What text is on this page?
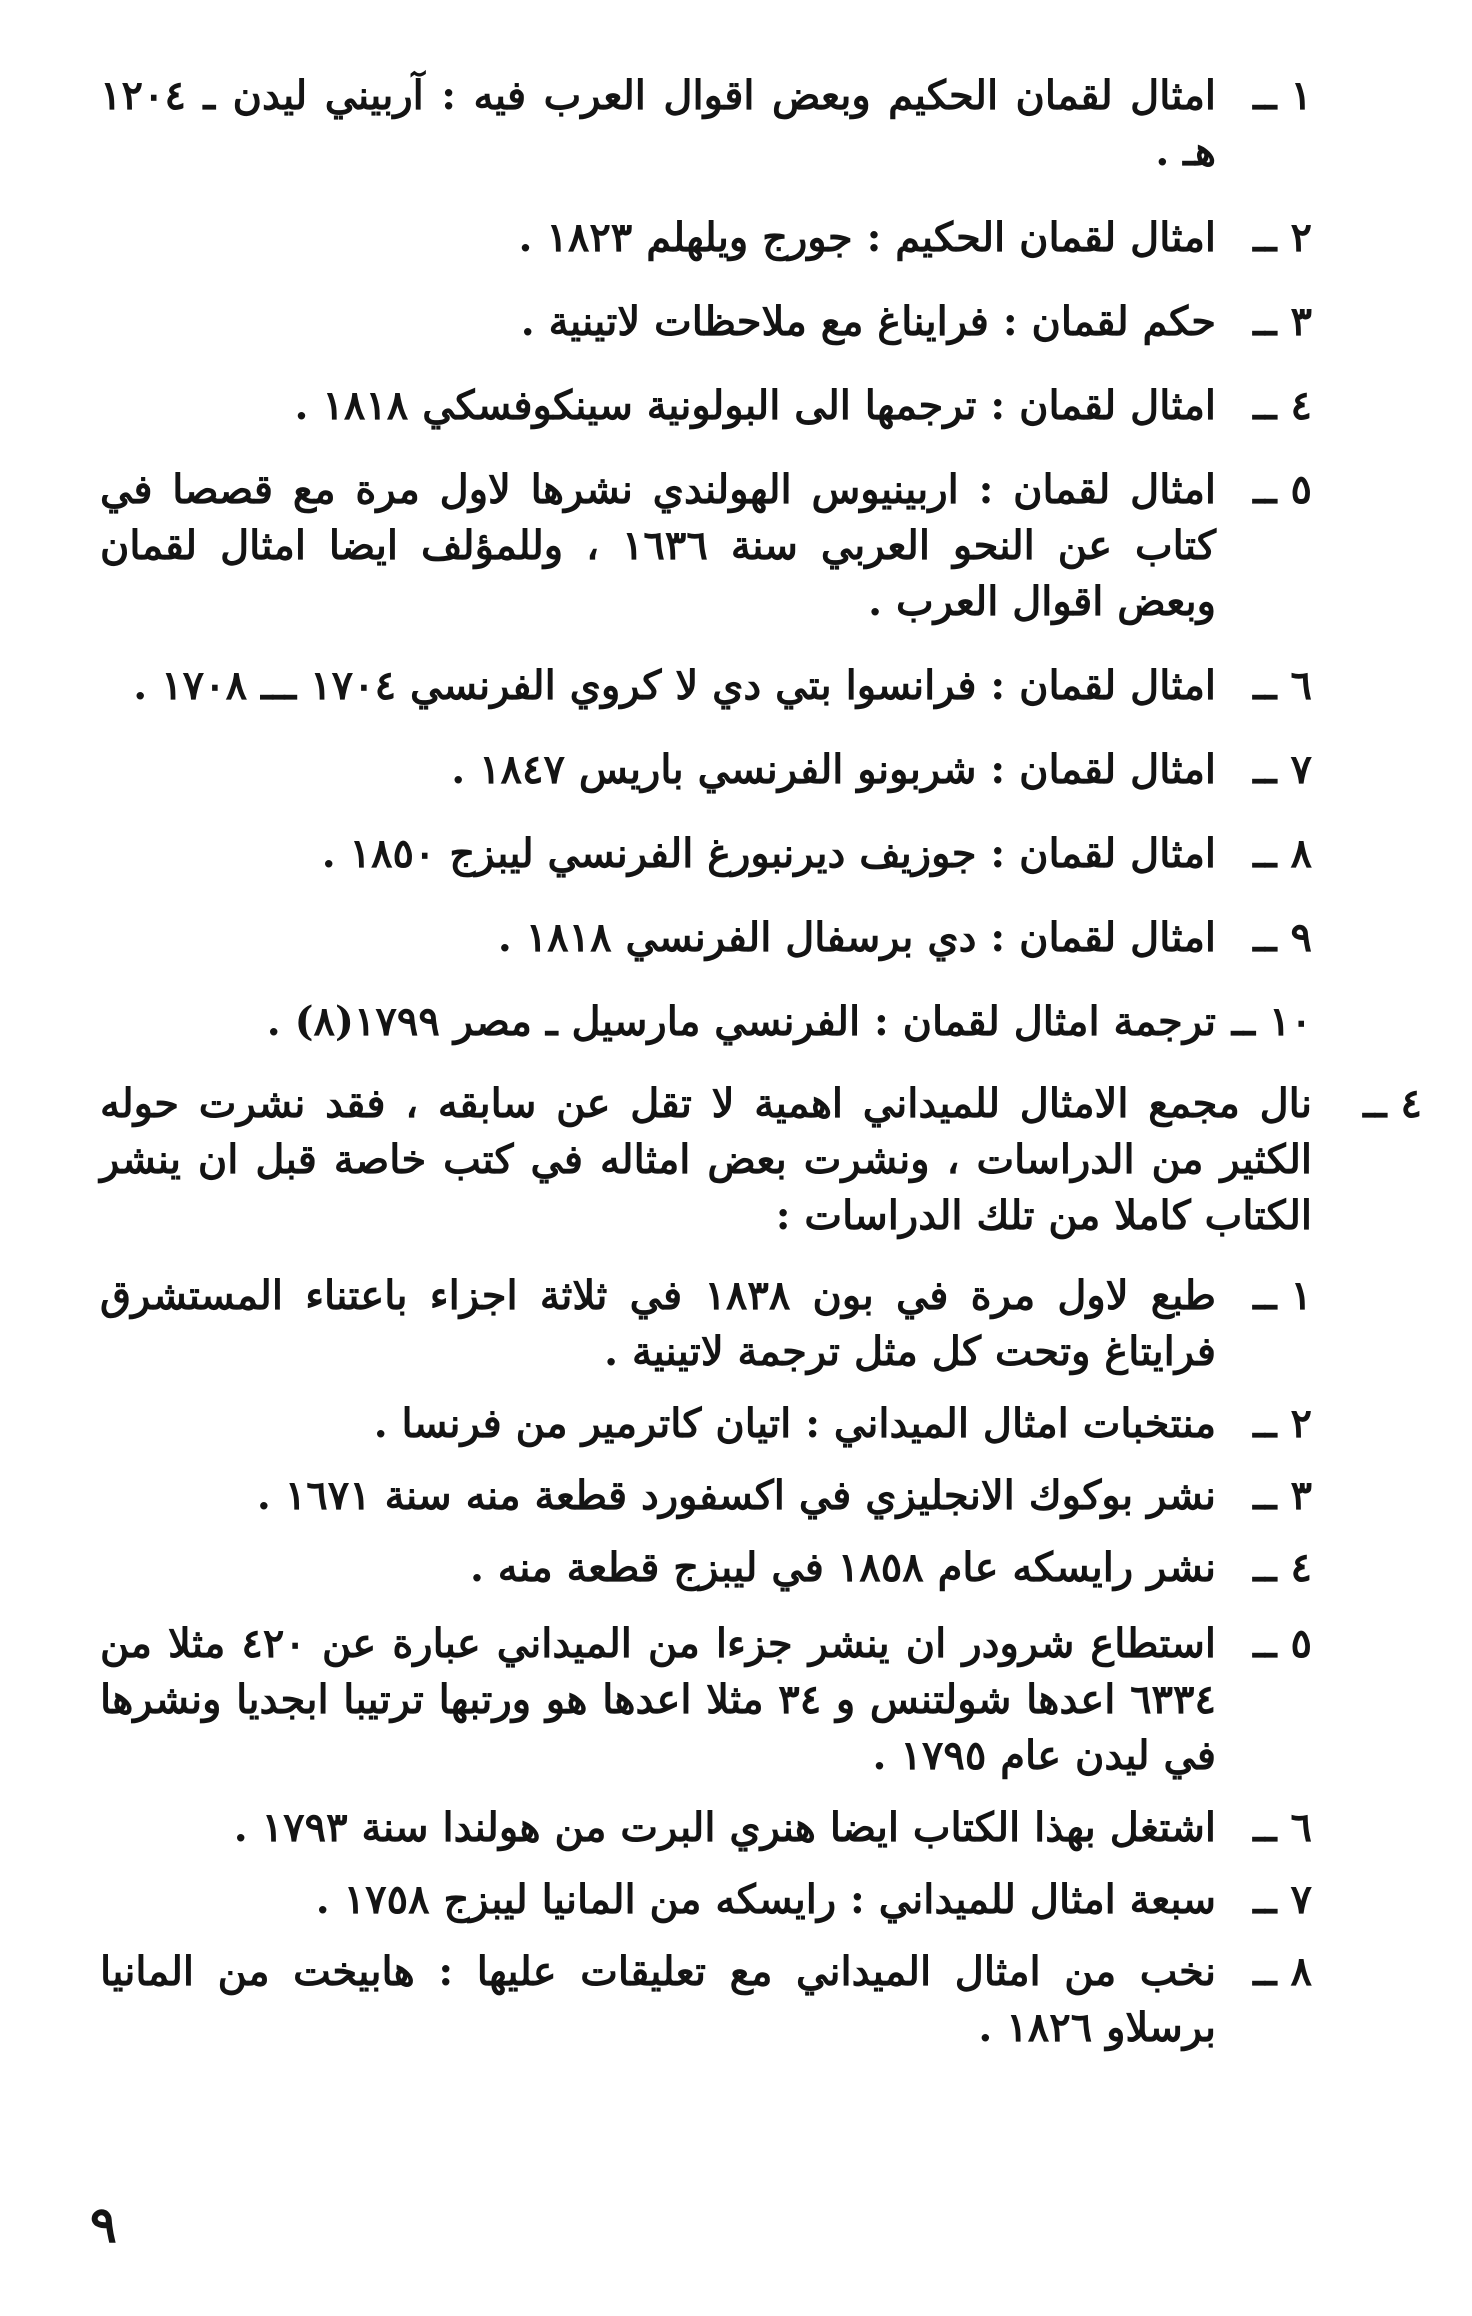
١ ــ
امثال لقمان الحكيم وبعض اقوال العرب فيه : آربيني ليدن ـ ١٢٠٤ هـ .
٢ ــ
امثال لقمان الحكيم : جورج ويلهلم ١٨٢٣ .
٣ ــ
حكم لقمان : فرايناغ مع ملاحظات لاتينية .
٤ ــ
امثال لقمان : ترجمها الى البولونية سينكوفسكي ١٨١٨ .
٥ ــ
امثال لقمان : اربينيوس الهولندي نشرها لاول مرة مع قصصا في كتاب عن النحو العربي سنة ١٦٣٦ ، وللمؤلف ايضا امثال لقمان وبعض اقوال العرب .
٦ ــ
امثال لقمان : فرانسوا بتي دي لا كروي الفرنسي ١٧٠٤ ـــ ١٧٠٨ .
٧ ــ
امثال لقمان : شربونو الفرنسي باريس ١٨٤٧ .
٨ ــ
امثال لقمان : جوزيف ديرنبورغ الفرنسي ليبزج ١٨٥٠ .
٩ ــ
امثال لقمان : دي برسفال الفرنسي ١٨١٨ .
١٠ ــ
ترجمة امثال لقمان : الفرنسي مارسيل ـ مصر ١٧٩٩(٨) .
٤ ــ
نال مجمع الامثال للميداني اهمية لا تقل عن سابقه ، فقد نشرت حوله الكثير من الدراسات ، ونشرت بعض امثاله في كتب خاصة قبل ان ينشر الكتاب كاملا من تلك الدراسات :
١ ــ
طبع لاول مرة في بون ١٨٣٨ في ثلاثة اجزاء باعتناء المستشرق فرايتاغ وتحت كل مثل ترجمة لاتينية .
٢ ــ
منتخبات امثال الميداني : اتيان كاترمير من فرنسا .
٣ ــ
نشر بوكوك الانجليزي في اكسفورد قطعة منه سنة ١٦٧١ .
٤ ــ
نشر رايسكه عام ١٨٥٨ في ليبزج قطعة منه .
٥ ــ
استطاع شرودر ان ينشر جزءا من الميداني عبارة عن ٤٢٠ مثلا من ٦٣٣٤ اعدها شولتنس و ٣٤ مثلا اعدها هو ورتبها ترتيبا ابجديا ونشرها في ليدن عام ١٧٩٥ .
٦ ــ
اشتغل بهذا الكتاب ايضا هنري البرت من هولندا سنة ١٧٩٣ .
٧ ــ
سبعة امثال للميداني : رايسكه من المانيا ليبزج ١٧٥٨ .
٨ ــ
نخب من امثال الميداني مع تعليقات عليها : هابيخت من المانيا برسلاو ١٨٢٦ .
٩
